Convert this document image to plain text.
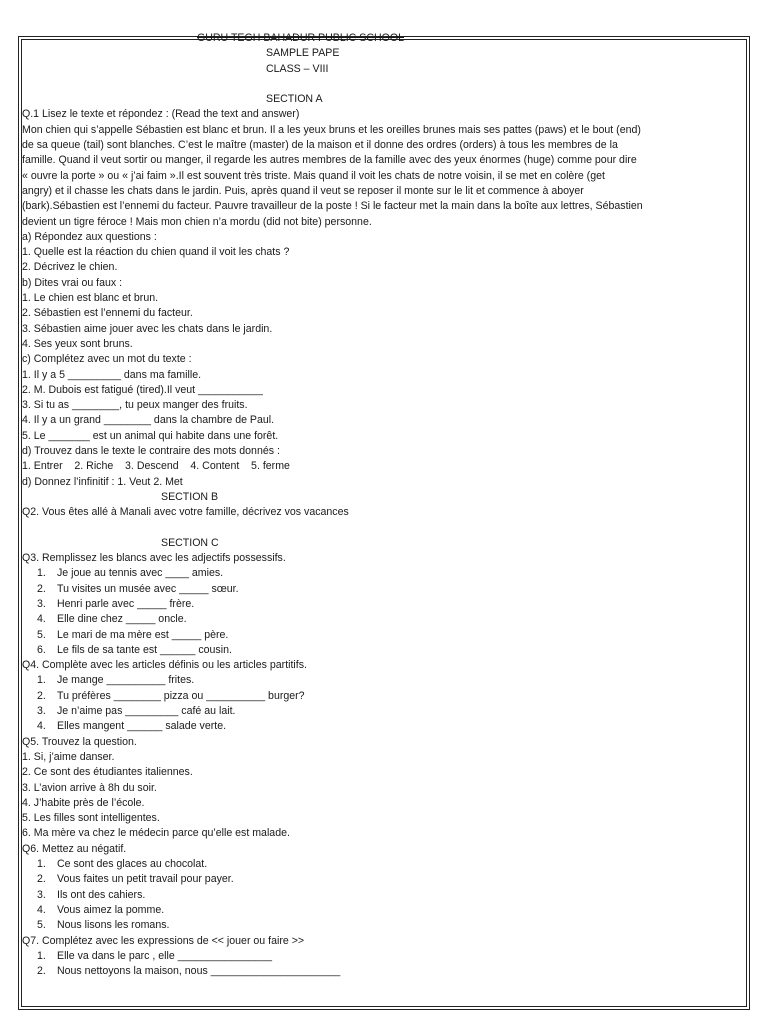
GURU TEGH BAHADUR PUBLIC SCHOOL
SAMPLE PAPE
CLASS – VIII
SECTION A
Q.1 Lisez le texte et répondez : (Read the text and answer)
Mon chien qui s’appelle Sébastien est blanc et brun. Il a les yeux bruns et les oreilles brunes mais ses pattes (paws) et le bout (end)
de sa queue (tail) sont blanches. C’est le maître (master) de la maison et il donne des ordres (orders) à tous les membres de la
famille. Quand il veut sortir ou manger, il regarde les autres membres de la famille avec des yeux énormes (huge) comme pour dire
« ouvre la porte » ou « j’ai faim ».Il est souvent très triste. Mais quand il voit les chats de notre voisin, il se met en colère (get
angry) et il chasse les chats dans le jardin. Puis, après quand il veut se reposer il monte sur le lit et commence à aboyer
(bark).Sébastien est l’ennemi du facteur. Pauvre travailleur de la poste ! Si le facteur met la main dans la boîte aux lettres, Sébastien
devient un tigre féroce ! Mais mon chien n’a mordu (did not bite) personne.
a) Répondez aux questions :
1. Quelle est la réaction du chien quand il voit les chats ?
2. Décrivez le chien.
b) Dites vrai ou faux :
1. Le chien est blanc et brun.
2. Sébastien est l’ennemi du facteur.
3. Sébastien aime jouer avec les chats dans le jardin.
4. Ses yeux sont bruns.
c) Complétez avec un mot du texte :
1. Il y a 5 _________ dans ma famille.
2. M. Dubois est fatigué (tired).Il veut ___________
3. Si tu as ________, tu peux manger des fruits.
4. Il y a un grand ________ dans la chambre de Paul.
5. Le _______ est un animal qui habite dans une forêt.
d) Trouvez dans le texte le contraire des mots donnés :
1. Entrer    2. Riche    3. Descend    4. Content    5. ferme
d) Donnez l’infinitif : 1. Veut 2. Met
SECTION B
Q2. Vous êtes allé à Manali avec votre famille, décrivez vos vacances
SECTION C
Q3. Remplissez les blancs avec les adjectifs possessifs.
1. Je joue au tennis avec ____ amies.
2. Tu visites un musée avec _____ sœur.
3. Henri parle avec _____ frère.
4. Elle dine chez _____ oncle.
5. Le mari de ma mère est _____ père.
6. Le fils de sa tante est ______ cousin.
Q4. Complète avec les articles définis ou les articles partitifs.
1. Je mange __________ frites.
2. Tu préfères ________ pizza ou __________ burger?
3. Je n’aime pas _________ café au lait.
4. Elles mangent ______ salade verte.
Q5. Trouvez la question.
1. Si, j’aime danser.
2. Ce sont des étudiantes italiennes.
3. L’avion arrive à 8h du soir.
4. J’habite près de l’école.
5. Les filles sont intelligentes.
6. Ma mère va chez le médecin parce qu’elle est malade.
Q6. Mettez au négatif.
1. Ce sont des glaces au chocolat.
2. Vous faites un petit travail pour payer.
3. Ils ont des cahiers.
4. Vous aimez la pomme.
5. Nous lisons les romans.
Q7. Complétez avec les expressions de << jouer ou faire >>
1. Elle va dans le parc , elle ________________
2. Nous nettoyons la maison, nous ______________________
